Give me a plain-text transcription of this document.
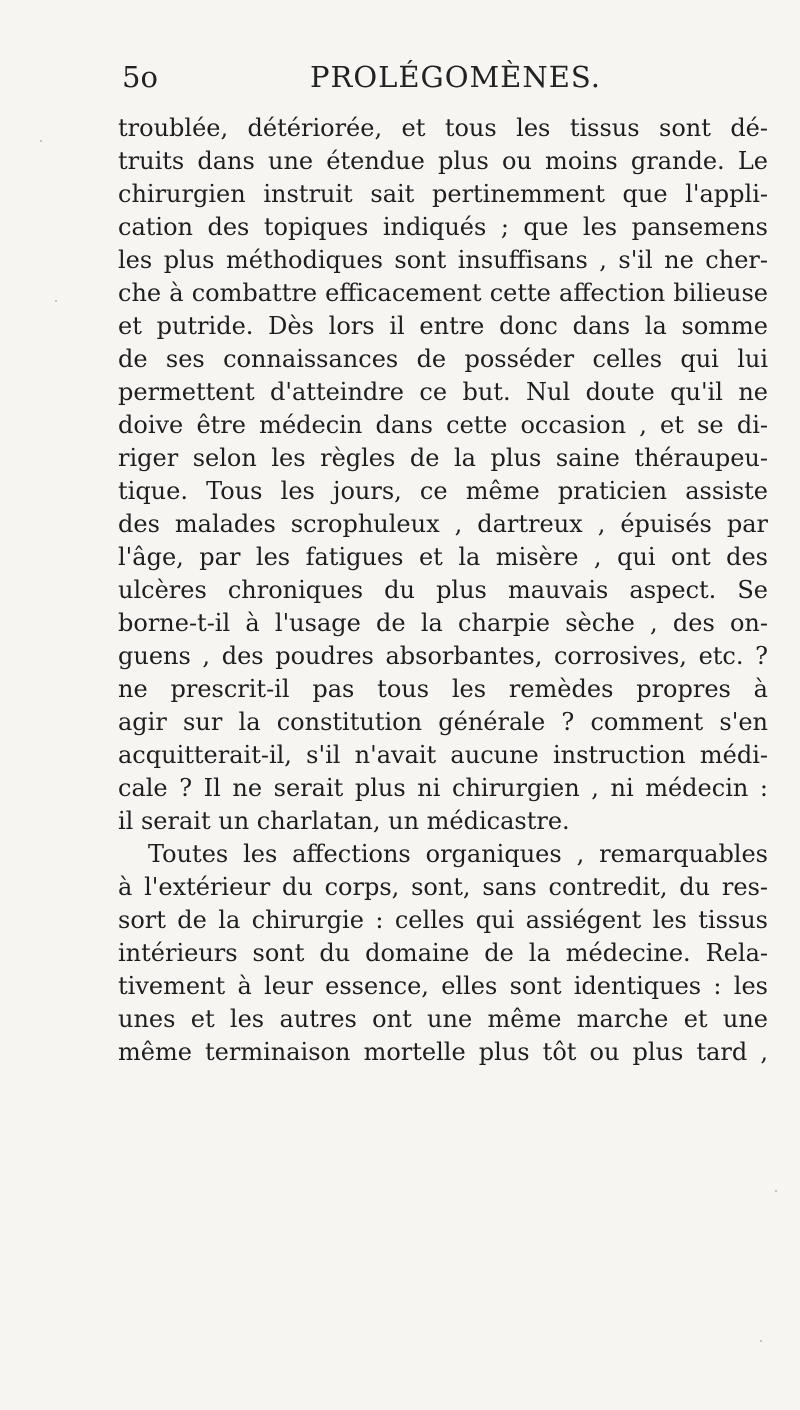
5o	PROLÉGOMÈNES.
troublée, détériorée, et tous les tissus sont dé-
truits dans une étendue plus ou moins grande. Le
chirurgien instruit sait pertinemment que l'appli-
cation des topiques indiqués ; que les pansemens
les plus méthodiques sont insuffisans , s'il ne cher-
che à combattre efficacement cette affection bilieuse
et putride. Dès lors il entre donc dans la somme
de ses connaissances de posséder celles qui lui
permettent d'atteindre ce but. Nul doute qu'il ne
doive être médecin dans cette occasion , et se di-
riger selon les règles de la plus saine théraupeu-
tique. Tous les jours, ce même praticien assiste
des malades scrophuleux , dartreux , épuisés par
l'âge, par les fatigues et la misère , qui ont des
ulcères chroniques du plus mauvais aspect. Se
borne-t-il à l'usage de la charpie sèche , des on-
guens , des poudres absorbantes, corrosives, etc. ?
ne prescrit-il pas tous les remèdes propres à
agir sur la constitution générale ? comment s'en
acquitterait-il, s'il n'avait aucune instruction médi-
cale ? Il ne serait plus ni chirurgien , ni médecin :
il serait un charlatan, un médicastre.
Toutes les affections organiques , remarquables
à l'extérieur du corps, sont, sans contredit, du res-
sort de la chirurgie : celles qui assiégent les tissus
intérieurs sont du domaine de la médecine. Rela-
tivement à leur essence, elles sont identiques : les
unes et les autres ont une même marche et une
même terminaison mortelle plus tôt ou plus tard ,
